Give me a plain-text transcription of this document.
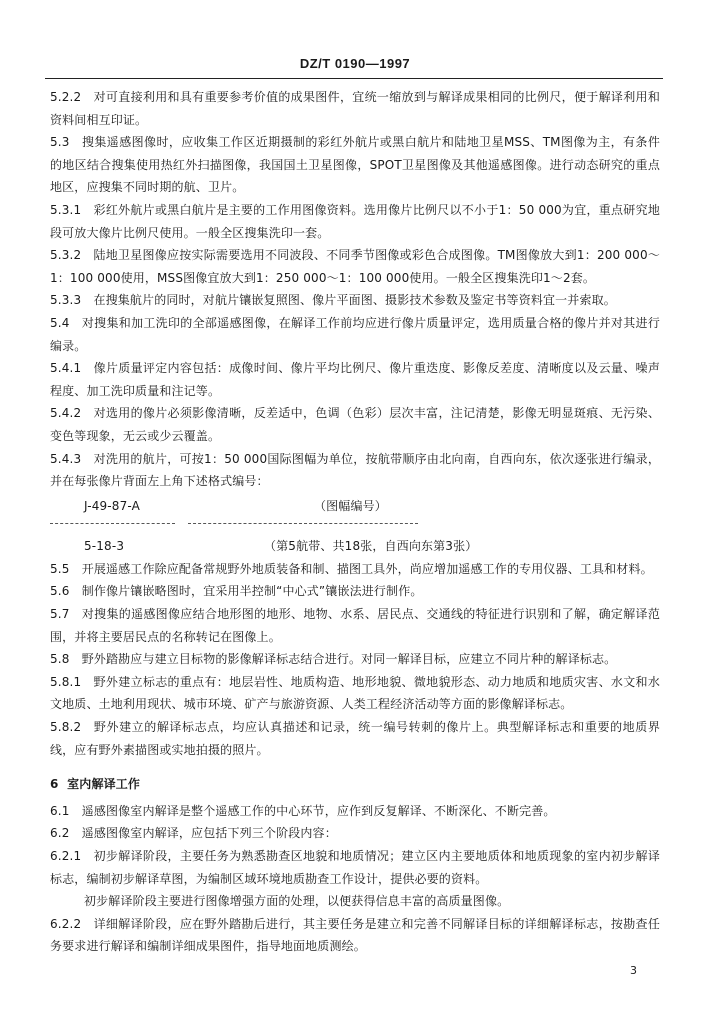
DZ/T 0190—1997

5.2.2  对可直接利用和具有重要参考价值的成果图件，宜统一缩放到与解译成果相同的比例尺，便于解译利用和资料间相互印证。

5.3  搜集遥感图像时，应收集工作区近期摄制的彩红外航片或黑白航片和陆地卫星MSS、TM图像为主，有条件的地区结合搜集使用热红外扫描图像，我国国土卫星图像，SPOT卫星图像及其他遥感图像。进行动态研究的重点地区，应搜集不同时期的航、卫片。

5.3.1  彩红外航片或黑白航片是主要的工作用图像资料。选用像片比例尺以不小于1：50 000为宜，重点研究地段可放大像片比例尺使用。一般全区搜集洗印一套。

5.3.2  陆地卫星图像应按实际需要选用不同波段、不同季节图像或彩色合成图像。TM图像放大到1：200 000～1：100 000使用，MSS图像宜放大到1：250 000～1：100 000使用。一般全区搜集洗印1～2套。

5.3.3  在搜集航片的同时，对航片镶嵌复照图、像片平面图、摄影技术参数及鉴定书等资料宜一并索取。

5.4  对搜集和加工洗印的全部遥感图像，在解译工作前均应进行像片质量评定，选用质量合格的像片并对其进行编录。

5.4.1  像片质量评定内容包括：成像时间、像片平均比例尺、像片重迭度、影像反差度、清晰度以及云量、噪声程度、加工洗印质量和注记等。

5.4.2  对选用的像片必须影像清晰，反差适中，色调（色彩）层次丰富，注记清楚，影像无明显斑痕、无污染、变色等现象，无云或少云覆盖。

5.4.3  对洗用的航片，可按1：50 000国际图幅为单位，按航带顺序由北向南，自西向东，依次逐张进行编录，并在每张像片背面左上角下述格式编号：

J-49-87-A	（图幅编号）
5-18-3	（第5航带、共18张，自西向东第3张）

5.5  开展遥感工作除应配备常规野外地质装备和制、描图工具外，尚应增加遥感工作的专用仪器、工具和材料。

5.6  制作像片镶嵌略图时，宜采用半控制“中心式”镶嵌法进行制作。

5.7  对搜集的遥感图像应结合地形图的地形、地物、水系、居民点、交通线的特征进行识别和了解，确定解译范围，并将主要居民点的名称转记在图像上。

5.8  野外踏勘应与建立目标物的影像解译标志结合进行。对同一解译目标，应建立不同片种的解译标志。

5.8.1  野外建立标志的重点有：地层岩性、地质构造、地形地貌、微地貌形态、动力地质和地质灾害、水文和水文地质、土地利用现状、城市环境、矿产与旅游资源、人类工程经济活动等方面的影像解译标志。

5.8.2  野外建立的解译标志点，均应认真描述和记录，统一编号转刺的像片上。典型解译标志和重要的地质界线，应有野外素描图或实地拍摄的照片。

6 室内解译工作

6.1  遥感图像室内解译是整个遥感工作的中心环节，应作到反复解译、不断深化、不断完善。

6.2  遥感图像室内解译，应包括下列三个阶段内容：

6.2.1  初步解译阶段，主要任务为熟悉勘查区地貌和地质情况；建立区内主要地质体和地质现象的室内初步解译标志，编制初步解译草图，为编制区域环境地质勘查工作设计，提供必要的资料。

初步解译阶段主要进行图像增强方面的处理，以便获得信息丰富的高质量图像。

6.2.2  详细解译阶段，应在野外踏勘后进行，其主要任务是建立和完善不同解译目标的详细解译标志，按勘查任务要求进行解译和编制详细成果图件，指导地面地质测绘。

3
